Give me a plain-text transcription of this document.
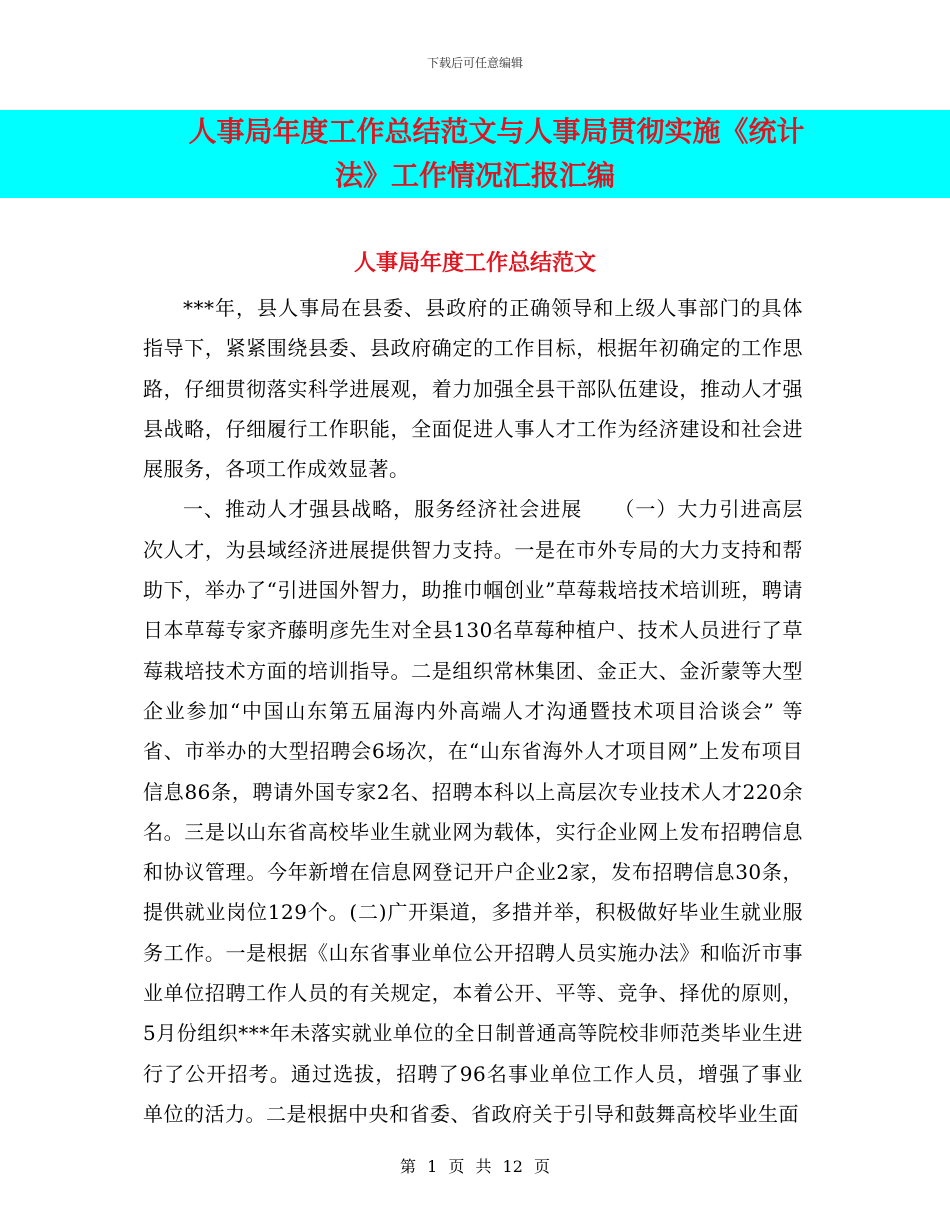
下载后可任意编辑
人事局年度工作总结范文与人事局贯彻实施《统计
法》工作情况汇报汇编
人事局年度工作总结范文

***年，县人事局在县委、县政府的正确领导和上级人事部门的具体指导下，紧紧围绕县委、县政府确定的工作目标，根据年初确定的工作思路，仔细贯彻落实科学进展观，着力加强全县干部队伍建设，推动人才强县战略，仔细履行工作职能，全面促进人事人才工作为经济建设和社会进展服务，各项工作成效显著。

一、推动人才强县战略，服务经济社会进展　　（一）大力引进高层次人才，为县域经济进展提供智力支持。一是在市外专局的大力支持和帮助下，举办了“引进国外智力，助推巾帼创业”草莓栽培技术培训班，聘请日本草莓专家齐藤明彦先生对全县130名草莓种植户、技术人员进行了草莓栽培技术方面的培训指导。二是组织常林集团、金正大、金沂蒙等大型企业参加“中国山东第五届海内外高端人才沟通暨技术项目洽谈会” 等省、市举办的大型招聘会6场次，在“山东省海外人才项目网”上发布项目信息86条，聘请外国专家2名、招聘本科以上高层次专业技术人才220余名。三是以山东省高校毕业生就业网为载体，实行企业网上发布招聘信息和协议管理。今年新增在信息网登记开户企业2家，发布招聘信息30条，提供就业岗位129个。(二)广开渠道，多措并举，积极做好毕业生就业服务工作。一是根据《山东省事业单位公开招聘人员实施办法》和临沂市事业单位招聘工作人员的有关规定，本着公开、平等、竞争、择优的原则，5月份组织***年未落实就业单位的全日制普通高等院校非师范类毕业生进行了公开招考。通过选拔，招聘了96名事业单位工作人员，增强了事业单位的活力。二是根据中央和省委、省政府关于引导和鼓舞高校毕业生面

第 1 页 共 12 页
